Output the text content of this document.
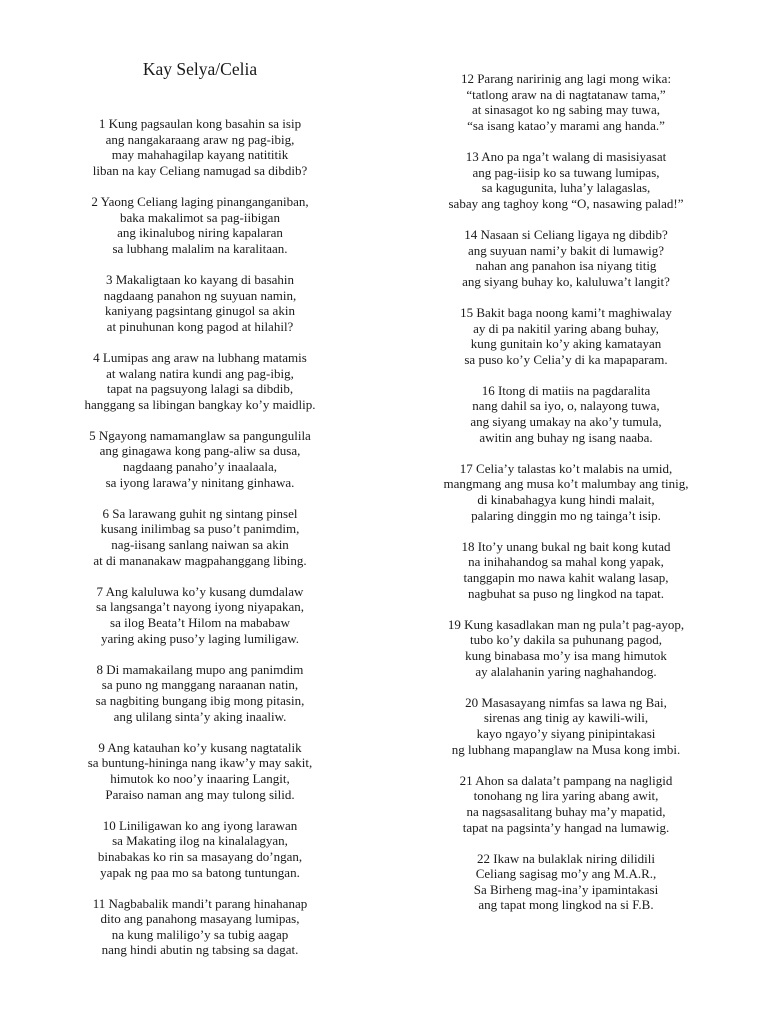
Kay Selya/Celia
1 Kung pagsaulan kong basahin sa isip
ang nangakaraang araw ng pag-ibig,
may mahahagilap kayang natititik
liban na kay Celiang namugad sa dibdib?
2 Yaong Celiang laging pinanganganiban,
baka makalimot sa pag-iibigan
ang ikinalubog niring kapalaran
sa lubhang malalim na karalitaan.
3 Makaligtaan ko kayang di basahin
nagdaang panahon ng suyuan namin,
kaniyang pagsintang ginugol sa akin
at pinuhunan kong pagod at hilahil?
4 Lumipas ang araw na lubhang matamis
at walang natira kundi ang pag-ibig,
tapat na pagsuyong lalagi sa dibdib,
hanggang sa libingan bangkay ko’y maidlip.
5 Ngayong namamanglaw sa pangungulila
ang ginagawa kong pang-aliw sa dusa,
nagdaang panaho’y inaalaala,
sa iyong larawa’y ninitang ginhawa.
6 Sa larawang guhit ng sintang pinsel
kusang inilimbag sa puso’t panimdim,
nag-iisang sanlang naiwan sa akin
at di mananakaw magpahanggang libing.
7 Ang kaluluwa ko’y kusang dumdalaw
sa langsanga’t nayong iyong niyapakan,
sa ilog Beata’t Hilom na mababaw
yaring aking puso’y laging lumiligaw.
8 Di mamakailang mupo ang panimdim
sa puno ng manggang naraanan natin,
sa nagbiting bungang ibig mong pitasin,
ang ulilang sinta’y aking inaaliw.
9 Ang katauhan ko’y kusang nagtatalik
sa buntung-hininga nang ikaw’y may sakit,
himutok ko noo’y inaaring Langit,
Paraiso naman ang may tulong silid.
10 Liniligawan ko ang iyong larawan
sa Makating ilog na kinalalagyan,
binabakas ko rin sa masayang do’ngan,
yapak ng paa mo sa batong tuntungan.
11 Nagbabalik mandi’t parang hinahanap
dito ang panahong masayang lumipas,
na kung maliligo’y sa tubig aagap
nang hindi abutin ng tabsing sa dagat.
12 Parang naririnig ang lagi mong wika:
“tatlong araw na di nagtatanaw tama,”
at sinasagot ko ng sabing may tuwa,
“sa isang katao’y marami ang handa.”
13 Ano pa nga’t walang di masisiyasat
ang pag-iisip ko sa tuwang lumipas,
sa kagugunita, luha’y lalagaslas,
sabay ang taghoy kong “O, nasawing palad!”
14 Nasaan si Celiang ligaya ng dibdib?
ang suyuan nami’y bakit di lumawig?
nahan ang panahon isa niyang titig
ang siyang buhay ko, kaluluwa’t langit?
15 Bakit baga noong kami’t maghiwalay
ay di pa nakitil yaring abang buhay,
kung gunitain ko’y aking kamatayan
sa puso ko’y Celia’y di ka mapaparam.
16 Itong di matiis na pagdaralita
nang dahil sa iyo, o, nalayong tuwa,
ang siyang umakay na ako’y tumula,
awitin ang buhay ng isang naaba.
17 Celia’y talastas ko’t malabis na umid,
mangmang ang musa ko’t malumbay ang tinig,
di kinabahagya kung hindi malait,
palaring dinggin mo ng tainga’t isip.
18 Ito’y unang bukal ng bait kong kutad
na inihahandog sa mahal kong yapak,
tanggapin mo nawa kahit walang lasap,
nagbuhat sa puso ng lingkod na tapat.
19 Kung kasadlakan man ng pula’t pag-ayop,
tubo ko’y dakila sa puhunang pagod,
kung binabasa mo’y isa mang himutok
ay alalahanin yaring naghahandog.
20 Masasayang nimfas sa lawa ng Bai,
sirenas ang tinig ay kawili-wili,
kayo ngayo’y siyang pinipintakasi
ng lubhang mapanglaw na Musa kong imbi.
21 Ahon sa dalata’t pampang na nagligid
tonohang ng lira yaring abang awit,
na nagsasalitang buhay ma’y mapatid,
tapat na pagsinta’y hangad na lumawig.
22 Ikaw na bulaklak niring dilidili
Celiang sagisag mo’y ang M.A.R.,
Sa Birheng mag-ina’y ipamintakasi
ang tapat mong lingkod na si F.B.
